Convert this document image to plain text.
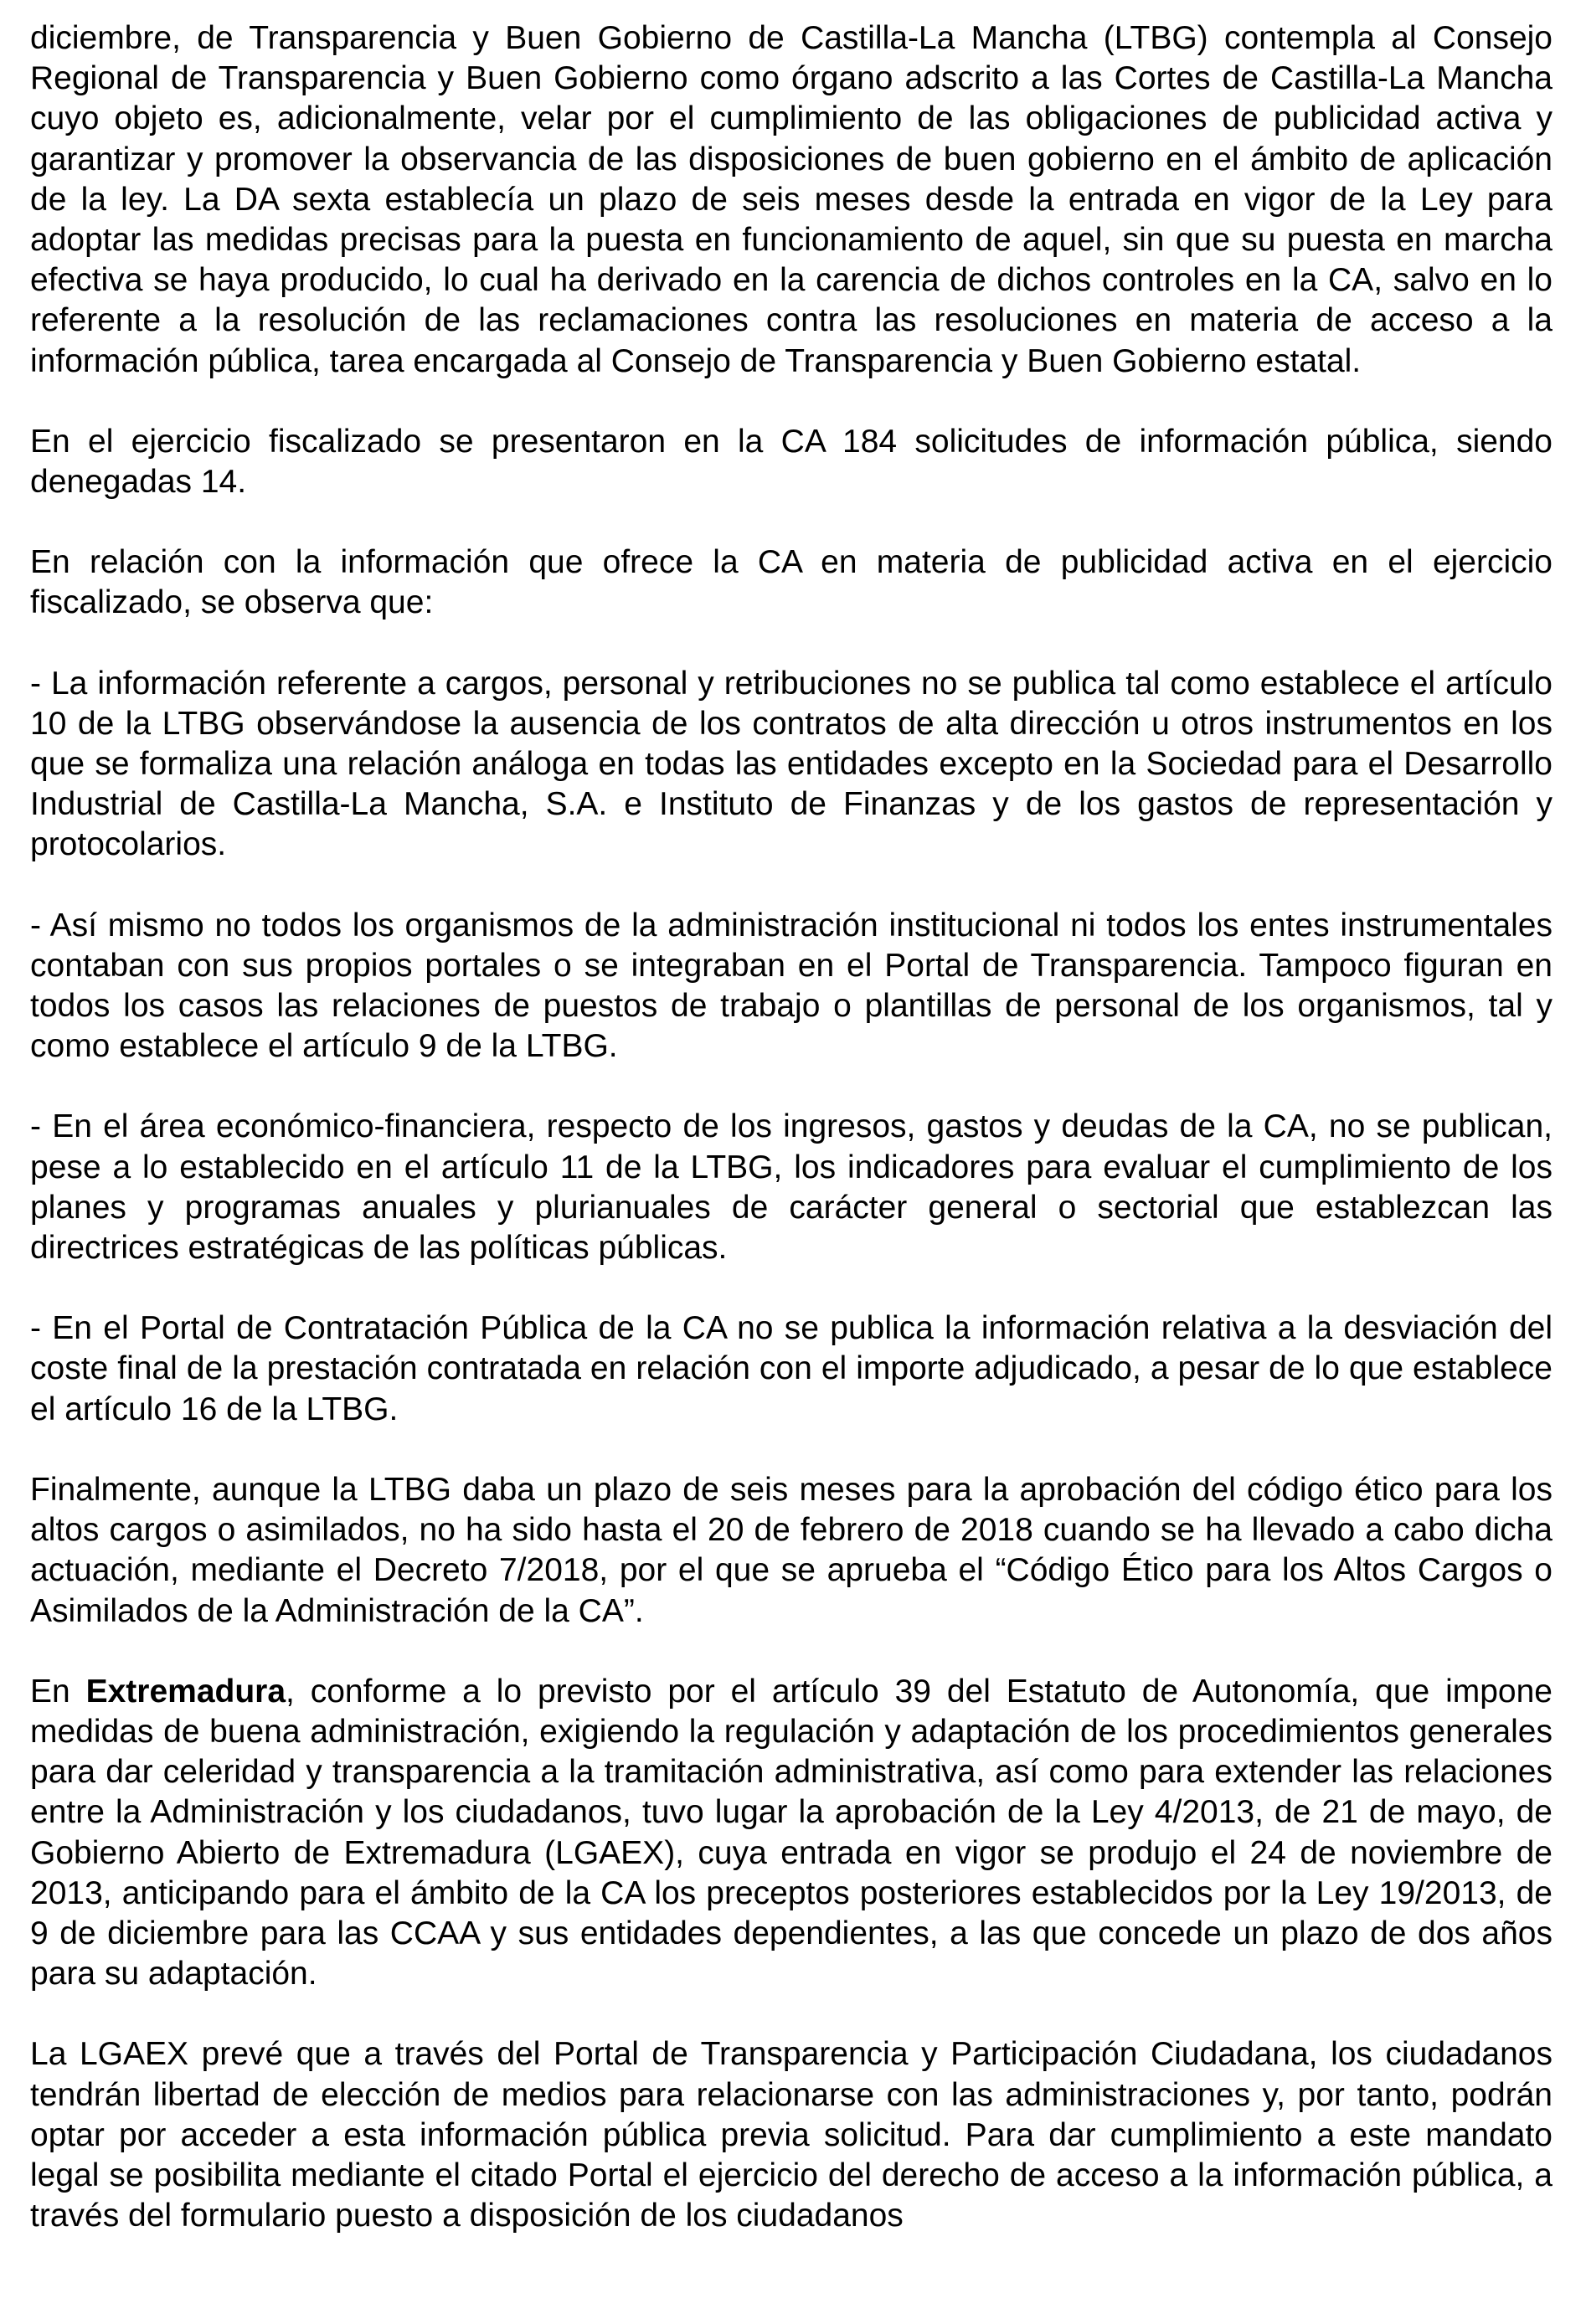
diciembre, de Transparencia y Buen Gobierno de Castilla-La Mancha (LTBG) contempla al Consejo Regional de Transparencia y Buen Gobierno como órgano adscrito a las Cortes de Castilla-La Mancha cuyo objeto es, adicionalmente, velar por el cumplimiento de las obligaciones de publicidad activa y garantizar y promover la observancia de las disposiciones de buen gobierno en el ámbito de aplicación de la ley. La DA sexta establecía un plazo de seis meses desde la entrada en vigor de la Ley para adoptar las medidas precisas para la puesta en funcionamiento de aquel, sin que su puesta en marcha efectiva se haya producido, lo cual ha derivado en la carencia de dichos controles en la CA, salvo en lo referente a la resolución de las reclamaciones contra las resoluciones en materia de acceso a la información pública, tarea encargada al Consejo de Transparencia y Buen Gobierno estatal.

En el ejercicio fiscalizado se presentaron en la CA 184 solicitudes de información pública, siendo denegadas 14.

En relación con la información que ofrece la CA en materia de publicidad activa en el ejercicio fiscalizado, se observa que:

- La información referente a cargos, personal y retribuciones no se publica tal como establece el artículo 10 de la LTBG observándose la ausencia de los contratos de alta dirección u otros instrumentos en los que se formaliza una relación análoga en todas las entidades excepto en la Sociedad para el Desarrollo Industrial de Castilla-La Mancha, S.A. e Instituto de Finanzas y de los gastos de representación y protocolarios.

- Así mismo no todos los organismos de la administración institucional ni todos los entes instrumentales contaban con sus propios portales o se integraban en el Portal de Transparencia. Tampoco figuran en todos los casos las relaciones de puestos de trabajo o plantillas de personal de los organismos, tal y como establece el artículo 9 de la LTBG.

- En el área económico-financiera, respecto de los ingresos, gastos y deudas de la CA, no se publican, pese a lo establecido en el artículo 11 de la LTBG, los indicadores para evaluar el cumplimiento de los planes y programas anuales y plurianuales de carácter general o sectorial que establezcan las directrices estratégicas de las políticas públicas.

- En el Portal de Contratación Pública de la CA no se publica la información relativa a la desviación del coste final de la prestación contratada en relación con el importe adjudicado, a pesar de lo que establece el artículo 16 de la LTBG.

Finalmente, aunque la LTBG daba un plazo de seis meses para la aprobación del código ético para los altos cargos o asimilados, no ha sido hasta el 20 de febrero de 2018 cuando se ha llevado a cabo dicha actuación, mediante el Decreto 7/2018, por el que se aprueba el “Código Ético para los Altos Cargos o Asimilados de la Administración de la CA”.

En Extremadura, conforme a lo previsto por el artículo 39 del Estatuto de Autonomía, que impone medidas de buena administración, exigiendo la regulación y adaptación de los procedimientos generales para dar celeridad y transparencia a la tramitación administrativa, así como para extender las relaciones entre la Administración y los ciudadanos, tuvo lugar la aprobación de la Ley 4/2013, de 21 de mayo, de Gobierno Abierto de Extremadura (LGAEX), cuya entrada en vigor se produjo el 24 de noviembre de 2013, anticipando para el ámbito de la CA los preceptos posteriores establecidos por la Ley 19/2013, de 9 de diciembre para las CCAA y sus entidades dependientes, a las que concede un plazo de dos años para su adaptación.

La LGAEX prevé que a través del Portal de Transparencia y Participación Ciudadana, los ciudadanos tendrán libertad de elección de medios para relacionarse con las administraciones y, por tanto, podrán optar por acceder a esta información pública previa solicitud. Para dar cumplimiento a este mandato legal se posibilita mediante el citado Portal el ejercicio del derecho de acceso a la información pública, a través del formulario puesto a disposición de los ciudadanos
